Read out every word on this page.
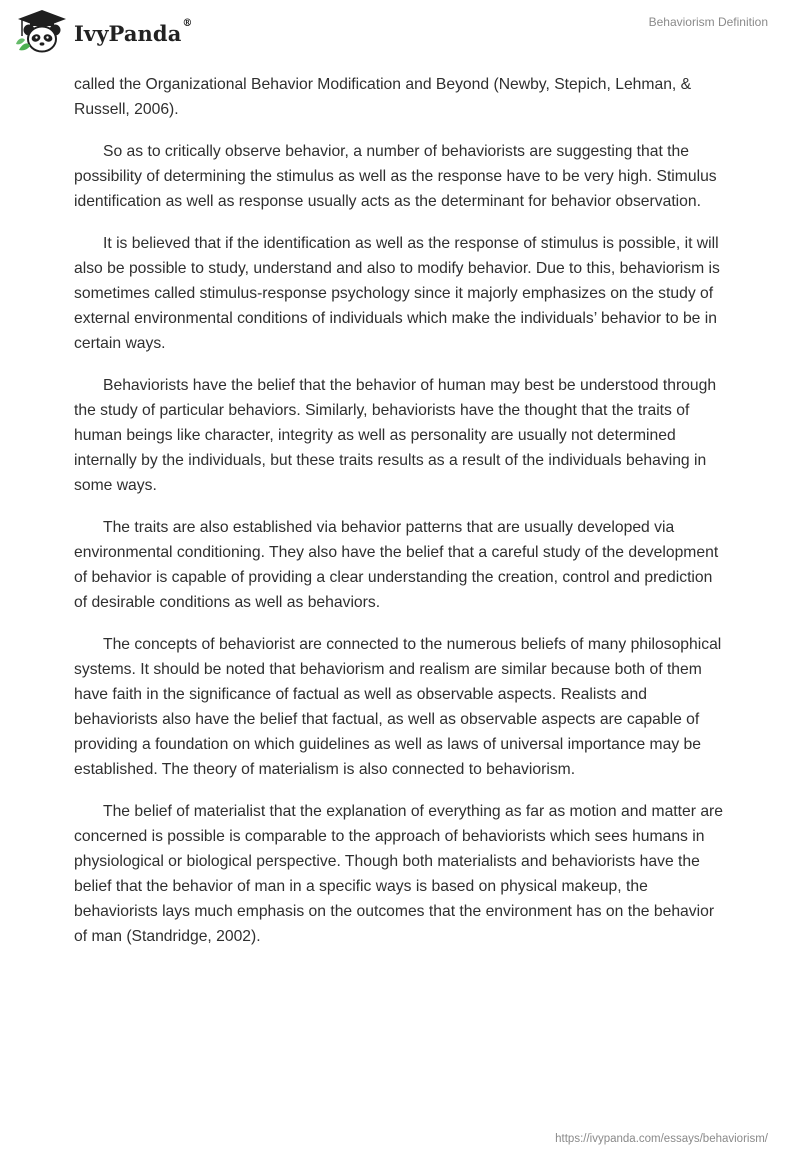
IvyPanda®	Behaviorism Definition

called the Organizational Behavior Modification and Beyond (Newby, Stepich, Lehman, & Russell, 2006).

So as to critically observe behavior, a number of behaviorists are suggesting that the possibility of determining the stimulus as well as the response have to be very high. Stimulus identification as well as response usually acts as the determinant for behavior observation.

It is believed that if the identification as well as the response of stimulus is possible, it will also be possible to study, understand and also to modify behavior. Due to this, behaviorism is sometimes called stimulus-response psychology since it majorly emphasizes on the study of external environmental conditions of individuals which make the individuals’ behavior to be in certain ways.

Behaviorists have the belief that the behavior of human may best be understood through the study of particular behaviors. Similarly, behaviorists have the thought that the traits of human beings like character, integrity as well as personality are usually not determined internally by the individuals, but these traits results as a result of the individuals behaving in some ways.

The traits are also established via behavior patterns that are usually developed via environmental conditioning. They also have the belief that a careful study of the development of behavior is capable of providing a clear understanding the creation, control and prediction of desirable conditions as well as behaviors.

The concepts of behaviorist are connected to the numerous beliefs of many philosophical systems. It should be noted that behaviorism and realism are similar because both of them have faith in the significance of factual as well as observable aspects. Realists and behaviorists also have the belief that factual, as well as observable aspects are capable of providing a foundation on which guidelines as well as laws of universal importance may be established. The theory of materialism is also connected to behaviorism.

The belief of materialist that the explanation of everything as far as motion and matter are concerned is possible is comparable to the approach of behaviorists which sees humans in physiological or biological perspective. Though both materialists and behaviorists have the belief that the behavior of man in a specific ways is based on physical makeup, the behaviorists lays much emphasis on the outcomes that the environment has on the behavior of man (Standridge, 2002).

https://ivypanda.com/essays/behaviorism/
